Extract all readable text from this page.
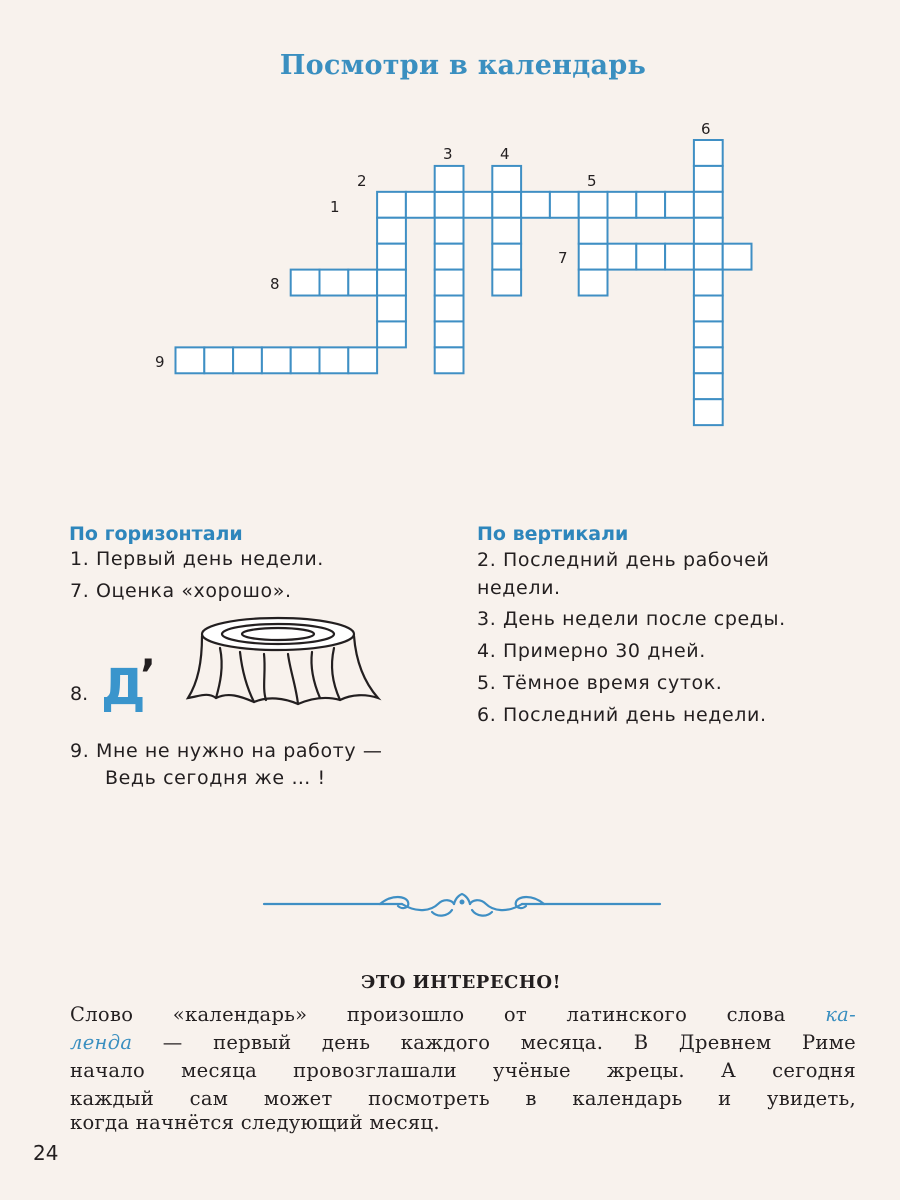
Посмотри в календарь
1
2
3	4
5
6
7
8
9
По горизонтали
1. Первый день недели.
7. Оценка «хорошо».
8. Д
’
9. Мне не нужно на работу —
Ведь сегодня же … !
По вертикали
2. Последний день рабочей
недели.
3. День недели после среды.
4. Примерно 30 дней.
5. Тёмное время суток.
6. Последний день недели.
ЭТО ИНТЕРЕСНО!
Слово «календарь» произошло от латинского слова ка-
ленда — первый день каждого месяца. В Древнем Риме
начало месяца провозглашали учёные жрецы. А сегодня
каждый сам может посмотреть в календарь и увидеть,
когда начнётся следующий месяц.
24
